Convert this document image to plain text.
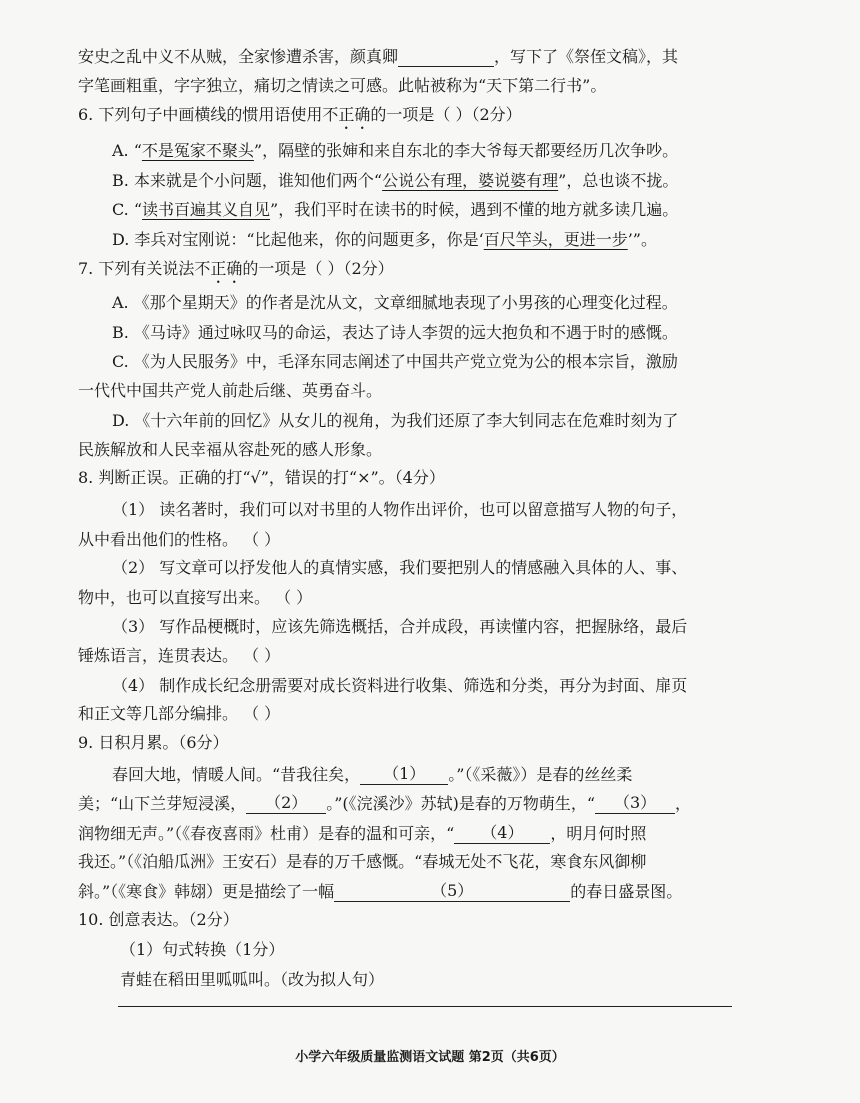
安史之乱中义不从贼，全家惨遭杀害，颜真卿	，写下了《祭侄文稿》，其
字笔画粗重，字字独立，痛切之情读之可感。此帖被称为“天下第二行书”。
6. 下列句子中画横线的惯用语使用不正确的一项是（ ）（2分）
A. “不是冤家不聚头”，隔壁的张婶和来自东北的李大爷每天都要经历几次争吵。
B. 本来就是个小问题，谁知他们两个“公说公有理，婆说婆有理”，总也谈不拢。
C. “读书百遍其义自见”，我们平时在读书的时候，遇到不懂的地方就多读几遍。
D. 李兵对宝刚说：“比起他来，你的问题更多，你是‘百尺竿头，更进一步’”。
7. 下列有关说法不正确的一项是（ ）（2分）
A. 《那个星期天》的作者是沈从文，文章细腻地表现了小男孩的心理变化过程。
B. 《马诗》通过咏叹马的命运，表达了诗人李贺的远大抱负和不遇于时的感慨。
C. 《为人民服务》中，毛泽东同志阐述了中国共产党立党为公的根本宗旨，激励
一代代中国共产党人前赴后继、英勇奋斗。
D. 《十六年前的回忆》从女儿的视角，为我们还原了李大钊同志在危难时刻为了
民族解放和人民幸福从容赴死的感人形象。
8. 判断正误。正确的打“√”，错误的打“×”。（4分）
（1） 读名著时，我们可以对书里的人物作出评价，也可以留意描写人物的句子，
从中看出他们的性格。 （ ）
（2） 写文章可以抒发他人的真情实感，我们要把别人的情感融入具体的人、事、
物中，也可以直接写出来。 （ ）
（3） 写作品梗概时，应该先筛选概括，合并成段，再读懂内容，把握脉络，最后
锤炼语言，连贯表达。 （ ）
（4） 制作成长纪念册需要对成长资料进行收集、筛选和分类，再分为封面、扉页
和正文等几部分编排。 （ ）
9. 日积月累。（6分）
春回大地，情暖人间。“昔我往矣， （1） 。”（《采薇》）是春的丝丝柔
美；“山下兰芽短浸溪， （2） 。”(《浣溪沙》苏轼)是春的万物萌生，“ （3） ，
润物细无声。”（《春夜喜雨》杜甫）是春的温和可亲，“ （4） ，明月何时照
我还。”（《泊船瓜洲》王安石）是春的万千感慨。“春城无处不飞花，寒食东风御柳
斜。”（《寒食》韩翃）更是描绘了一幅	（5）	的春日盛景图。
10. 创意表达。（2分）
（1）句式转换（1分）
青蛙在稻田里呱呱叫。（改为拟人句）
小学六年级质量监测语文试题 第2页（共6页）
